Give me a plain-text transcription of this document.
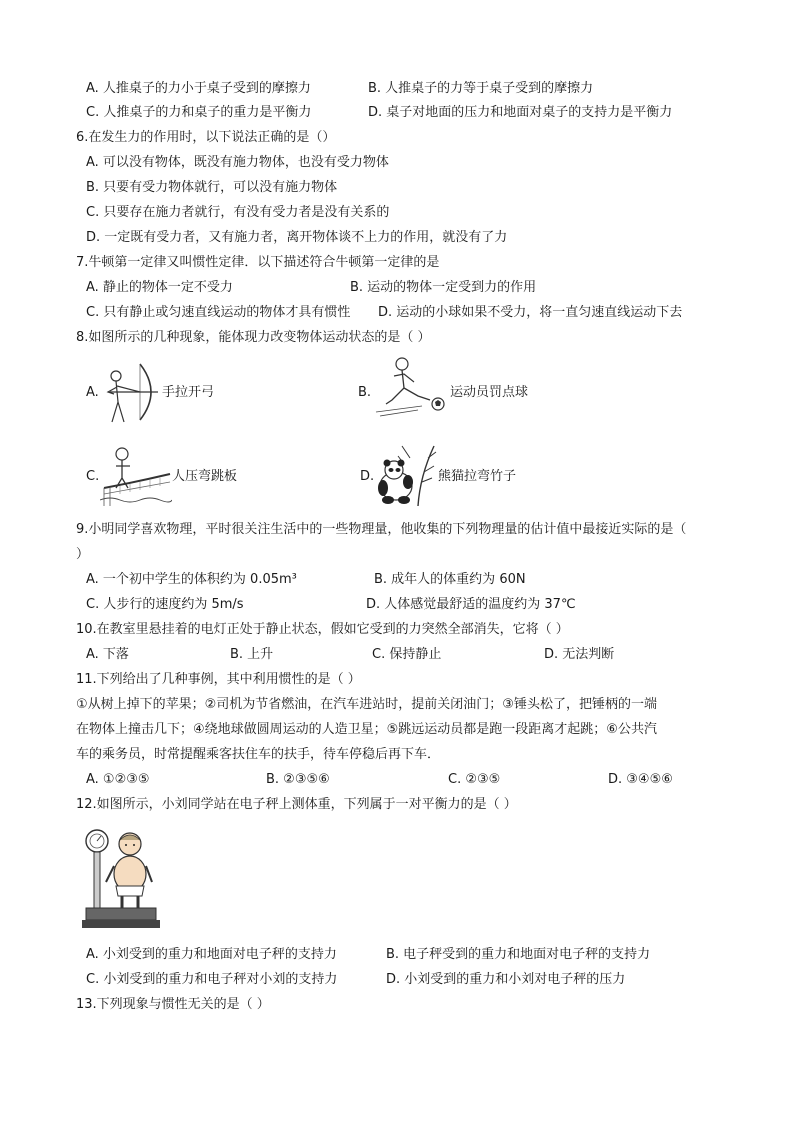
A. 人推桌子的力小于桌子受到的摩擦力	B. 人推桌子的力等于桌子受到的摩擦力
C. 人推桌子的力和桌子的重力是平衡力	D. 桌子对地面的压力和地面对桌子的支持力是平衡力
6.在发生力的作用时，以下说法正确的是（）
A. 可以没有物体，既没有施力物体，也没有受力物体
B. 只要有受力物体就行，可以没有施力物体
C. 只要存在施力者就行，有没有受力者是没有关系的
D. 一定既有受力者，又有施力者，离开物体谈不上力的作用，就没有了力
7.牛顿第一定律又叫惯性定律．以下描述符合牛顿第一定律的是
A. 静止的物体一定不受力	B. 运动的物体一定受到力的作用
C. 只有静止或匀速直线运动的物体才具有惯性 D. 运动的小球如果不受力，将一直匀速直线运动下去
8.如图所示的几种现象，能体现力改变物体运动状态的是（ ）
A.	手拉开弓	B.	运动员罚点球
C.	人压弯跳板	D.	熊猫拉弯竹子
9.小明同学喜欢物理，平时很关注生活中的一些物理量，他收集的下列物理量的估计值中最接近实际的是（
）
A. 一个初中学生的体积约为 0.05m³	B. 成年人的体重约为 60N
C. 人步行的速度约为 5m/s	D. 人体感觉最舒适的温度约为 37℃
10.在教室里悬挂着的电灯正处于静止状态，假如它受到的力突然全部消失，它将（ ）
A. 下落	B. 上升	C. 保持静止	D. 无法判断
11.下列给出了几种事例，其中利用惯性的是（ ）
①从树上掉下的苹果；②司机为节省燃油，在汽车进站时，提前关闭油门；③锤头松了，把锤柄的一端
在物体上撞击几下；④绕地球做圆周运动的人造卫星；⑤跳远运动员都是跑一段距离才起跳；⑥公共汽
车的乘务员，时常提醒乘客扶住车的扶手，待车停稳后再下车．
A. ①②③⑤	B. ②③⑤⑥	C. ②③⑤	D. ③④⑤⑥
12.如图所示，小刘同学站在电子秤上测体重，下列属于一对平衡力的是（ ）
A. 小刘受到的重力和地面对电子秤的支持力	B. 电子秤受到的重力和地面对电子秤的支持力
C. 小刘受到的重力和电子秤对小刘的支持力	D. 小刘受到的重力和小刘对电子秤的压力
13.下列现象与惯性无关的是（ ）
